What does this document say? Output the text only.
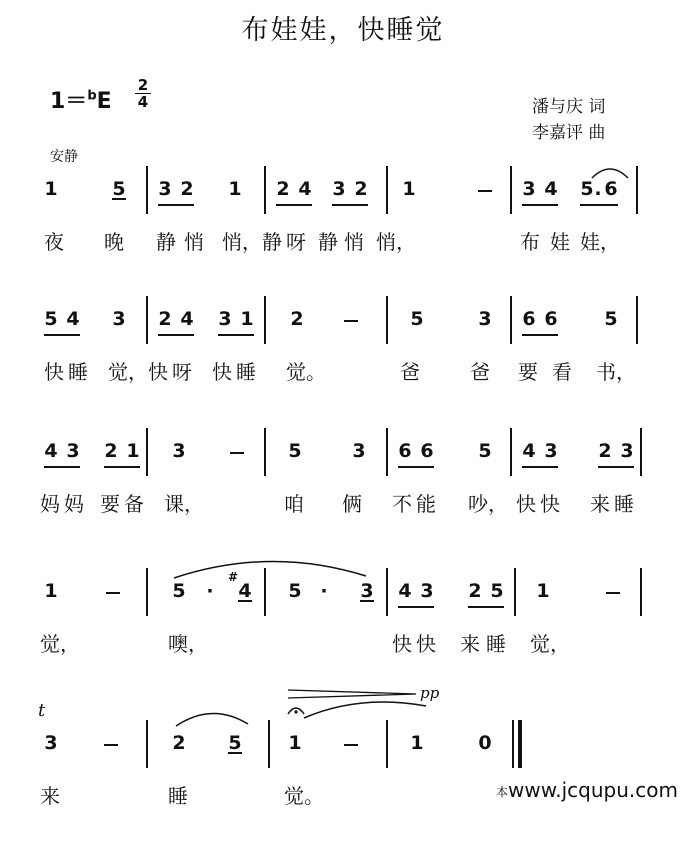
布娃娃，快睡觉
1＝$^b$E
2
4	潘与庆 词
李嘉评 曲
安静
1	5 3 2 1 2 4 3 2 1	3 4 5 . 6
夜 晚 静 悄 悄， 静 呀 静 悄 悄，	布 娃 娃，
5 4 3 2 4 3 1 2	5	3 6 6 5
快 睡 觉， 快 呀 快 睡 觉。	爸	爸 要 看 书，
4 3 2 1 3	5	3 6 6 5 4 3 2 3
妈 妈 要 备 课，	咱 俩 不 能 吵， 快 快 来 睡
1	5 ·
#
4 5 · 3 4 3 2 5 1
觉，	噢，	快 快 来 睡 觉，
t
pp
3	2 5 1	1	0
来	睡	觉。	本www.jcqupu.com
